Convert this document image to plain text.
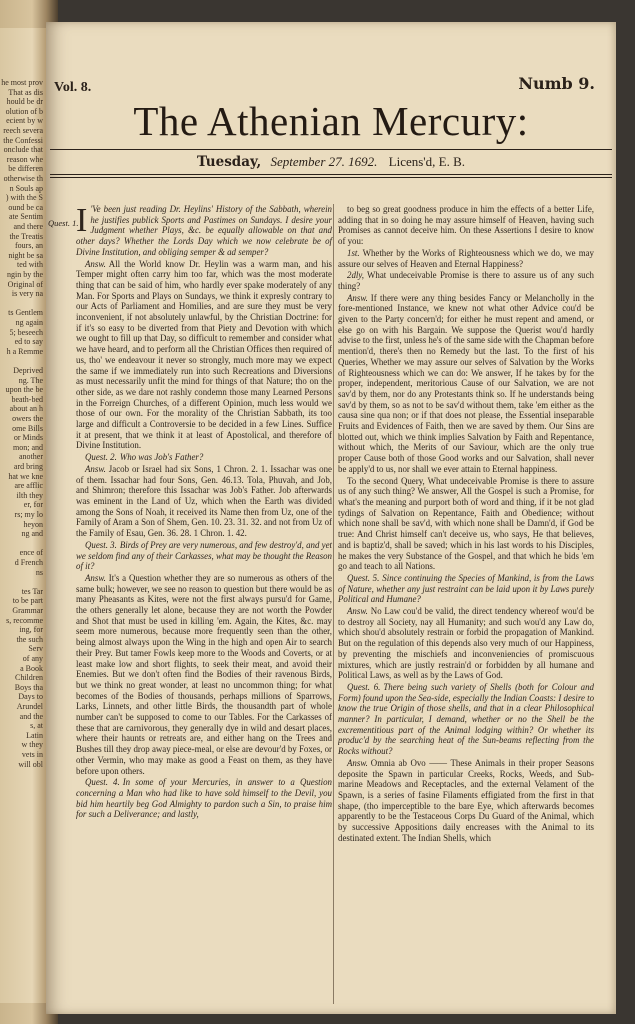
he most prov
That as dis
hould be dr
olution of b
ecient by w
reech severa
the Confessi
onclude that
reason whe
be differen
otherwise th
n Souls ap
) with the S
ound be ca
ate Sentim
and there
the Treatis
fours, an
night be sa
ted with
ngin by the
Original of
is very na
ts Gentlem
ng again
5; beseech
ed to say
h a Remme
Deprived
ng. The
upon the be
beath-bed
about an h
owers the
ome Bills
or Minds
mon; and
another
ard bring
hat we kne
are afflic
ilth they
er, for
rs; my lo
heyon
ng and
ence of
d French
ns
tes Tar
to be part
Grammar
s, recomme
ing, for
the such
Serv
of any
a Book
Children
Boys tha
Days to
Arundel
and the
s, at
Latin
w they
vets in
will obl
Vol. 8.	Numb 9.
The Athenian Mercury:
Tuesday, September 27. 1692. Licens'd, E. B.
Quest. 1.

I 'Ve been just reading Dr. Heylins' History of the Sabbath, wherein he justifies publick Sports and Pastimes on Sundays. I desire your Judgment whether Plays, &c. be equally allowable on that and other days? Whether the Lords Day which we now celebrate be of Divine Institution, and obliging semper & ad semper?

Answ. All the World know Dr. Heylin was a warm man, and his Temper might often carry him too far, which was the most moderate thing that can be said of him, who hardly ever spake moderately of any Man. For Sports and Plays on Sundays, we think it expresly contrary to our Acts of Parliament and Homilies, and are sure they must be very inconvenient, if not absolutely unlawful, by the Christian Doctrine: for if it's so easy to be diverted from that Piety and Devotion with which we ought to fill up that Day, so difficult to remember and consider what we have heard, and to perform all the Christian Offices then required of us, tho' we endeavour it never so strongly, much more may we expect the same if we immediately run into such Recreations and Diversions as must necessarily unfit the mind for things of that Nature; tho on the other side, as we dare not rashly condemn those many Learned Persons in the Forreign Churches, of a different Opinion, much less would we those of our own. For the morality of the Christian Sabbath, its too large and difficult a Controversie to be decided in a few Lines. Suffice it at present, that we think it at least of Apostolical, and therefore of Divine Institution.

Quest. 2. Who was Job's Father?

Answ. Jacob or Israel had six Sons, 1 Chron. 2. 1. Issachar was one of them. Issachar had four Sons, Gen. 46.13. Tola, Phuvah, and Job, and Shimron; therefore this Issachar was Job's Father. Job afterwards was eminent in the Land of Uz, which when the Earth was divided among the Sons of Noah, it received its Name then from Uz, one of the Family of Aram a Son of Shem, Gen. 10. 23. 31. 32. and not from Uz of the Family of Esau, Gen. 36. 28. 1 Chron. 1. 42.

Quest. 3. Birds of Prey are very numerous, and few destroy'd, and yet we seldom find any of their Carkasses, what may be thought the Reason of it?

Answ. It's a Question whether they are so numerous as others of the same bulk; however, we see no reason to question but there would be as many Pheasants as Kites, were not the first always pursu'd for Game, the others generally let alone, because they are not worth the Powder and Shot that must be used in killing 'em. Again, the Kites, &c. may seem more numerous, because more frequently seen than the other, being almost always upon the Wing in the high and open Air to search their Prey. But tamer Fowls keep more to the Woods and Coverts, or at least make low and short flights, to seek their meat, and avoid their Enemies. But we don't often find the Bodies of their ravenous Birds, but we think no great wonder, at least no uncommon thing; for what becomes of the Bodies of thousands, perhaps millions of Sparrows, Larks, Linnets, and other little Birds, the thousandth part of whole number can't be supposed to come to our Tables. For the Carkasses of these that are carnivorous, they generally dye in wild and desart places, where their haunts or retreats are, and either hang on the Trees and Bushes till they drop away piece-meal, or else are devour'd by Foxes, or other Vermin, who may make as good a Feast on them, as they have before upon others.

Quest. 4. In some of your Mercuries, in answer to a Question concerning a Man who had like to have sold himself to the Devil, you bid him heartily beg God Almighty to pardon such a Sin, to praise him for such a Deliverance; and lastly,

to beg so great goodness produce in him the effects of a better Life, adding that in so doing he may assure himself of Heaven, having such Promises as cannot deceive him. On these Assertions I desire to know of you:

1st. Whether by the Works of Righteousness which we do, we may assure our selves of Heaven and Eternal Happiness?

2dly, What undeceivable Promise is there to assure us of any such thing?

Answ. If there were any thing besides Fancy or Melancholly in the fore-mentioned Instance, we knew not what other Advice cou'd be given to the Party concern'd; for either he must repent and amend, or else go on with his Bargain. We suppose the Querist wou'd hardly advise to the first, unless he's of the same side with the Chapman before mention'd, there's then no Remedy but the last. To the first of his Queries, Whether we may assure our selves of Salvation by the Works of Righteousness which we can do: We answer, If he takes by for the proper, independent, meritorious Cause of our Salvation, we are not sav'd by them, nor do any Protestants think so. If he understands being sav'd by them, so as not to be sav'd without them, take 'em either as the causa sine qua non; or if that does not please, the Essential inseparable Fruits and Evidences of Faith, then we are saved by them. Our Sins are blotted out, which we think implies Salvation by Faith and Repentance, without which, the Merits of our Saviour, which are the only true proper Cause both of those Good works and our Salvation, shall never be apply'd to us, nor shall we ever attain to Eternal happiness.

To the second Query, What undeceivable Promise is there to assure us of any such thing? We answer, All the Gospel is such a Promise, for what's the meaning and purport both of word and thing, if it be not glad tydings of Salvation on Repentance, Faith and Obedience; without which none shall be sav'd, with which none shall be Damn'd, if God be true: And Christ himself can't deceive us, who says, He that believes, and is baptiz'd, shall be saved; which in his last words to his Disciples, he makes the very Substance of the Gospel, and that which he bids 'em go and teach to all Nations.

Quest. 5. Since continuing the Species of Mankind, is from the Laws of Nature, whether any just restraint can be laid upon it by Laws purely Political and Humane?

Answ. No Law cou'd be valid, the direct tendency whereof wou'd be to destroy all Society, nay all Humanity; and such wou'd any Law do, which shou'd absolutely restrain or forbid the propagation of Mankind. But on the regulation of this depends also very much of our Happiness, by preventing the mischiefs and inconveniencies of promiscuous mixtures, which are justly restrain'd or forbidden by all humane and Political Laws, as well as by the Laws of God.

Quest. 6. There being such variety of Shells (both for Colour and Form) found upon the Sea-side, especially the Indian Coasts: I desire to know the true Origin of those shells, and that in a clear Philosophical manner? In particular, I demand, whether or no the Shell be the excrementitious part of the Animal lodging within? Or whether its produc'd by the searching heat of the Sun-beams reflecting from the Rocks without?

Answ. Omnia ab Ovo —— These Animals in their proper Seasons deposite the Spawn in particular Creeks, Rocks, Weeds, and Sub-marine Meadows and Receptacles, and the external Velament of the Spawn, is a series of fasine Filaments effigiated from the first in that shape, (tho imperceptible to the bare Eye, which afterwards becomes apparently to be the Testaceous Corps Du Guard of the Animal, which by successive Appositions daily encreases with the Animal to its destinated extent. The Indian Shells, which
